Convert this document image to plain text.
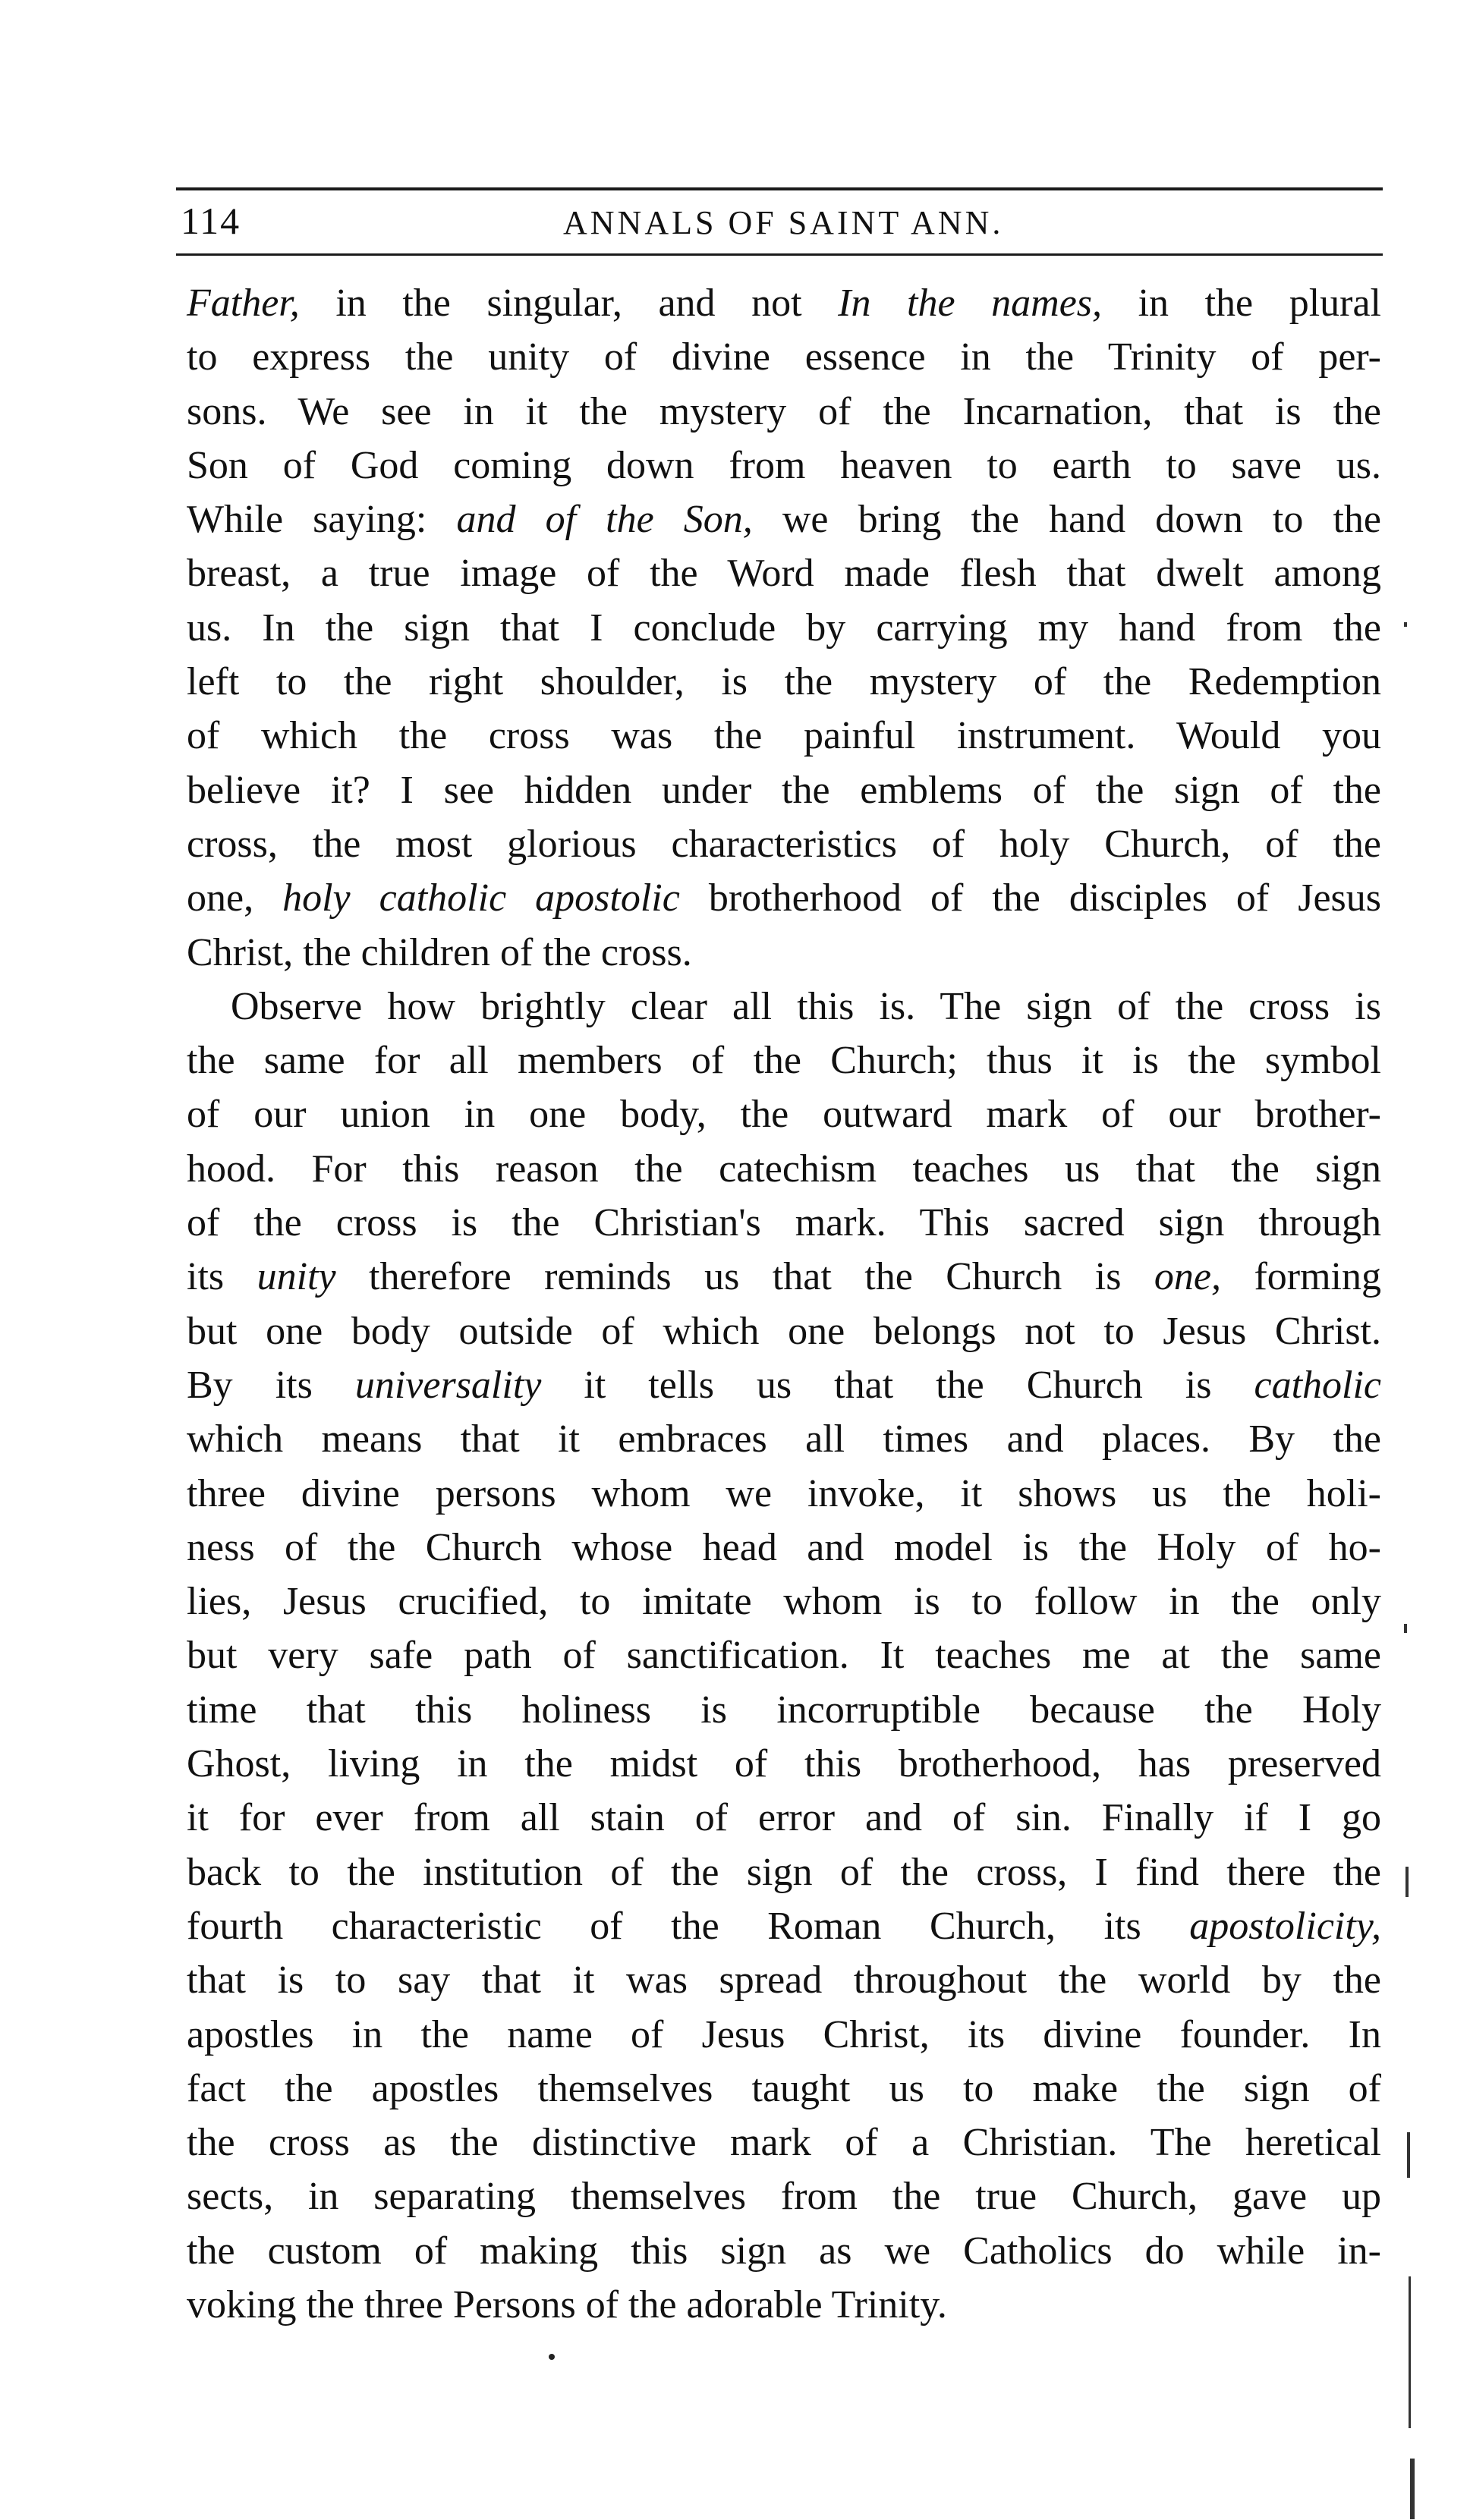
114	ANNALS OF SAINT ANN.
Father, in the singular, and not In the names, in the plural
to express the unity of divine essence in the Trinity of per-
sons. We see in it the mystery of the Incarnation, that is the
Son of God coming down from heaven to earth to save us.
While saying: and of the Son, we bring the hand down to the
breast, a true image of the Word made flesh that dwelt among
us. In the sign that I conclude by carrying my hand from the
left to the right shoulder, is the mystery of the Redemption
of which the cross was the painful instrument. Would you
believe it? I see hidden under the emblems of the sign of the
cross, the most glorious characteristics of holy Church, of the
one, holy catholic apostolic brotherhood of the disciples of Jesus
Christ, the children of the cross.
Observe how brightly clear all this is. The sign of the cross is
the same for all members of the Church; thus it is the symbol
of our union in one body, the outward mark of our brother-
hood. For this reason the catechism teaches us that the sign
of the cross is the Christian's mark. This sacred sign through
its unity therefore reminds us that the Church is one, forming
but one body outside of which one belongs not to Jesus Christ.
By its universality it tells us that the Church is catholic
which means that it embraces all times and places. By the
three divine persons whom we invoke, it shows us the holi-
ness of the Church whose head and model is the Holy of ho-
lies, Jesus crucified, to imitate whom is to follow in the only
but very safe path of sanctification. It teaches me at the same
time that this holiness is incorruptible because the Holy
Ghost, living in the midst of this brotherhood, has preserved
it for ever from all stain of error and of sin. Finally if I go
back to the institution of the sign of the cross, I find there the
fourth characteristic of the Roman Church, its apostolicity,
that is to say that it was spread throughout the world by the
apostles in the name of Jesus Christ, its divine founder. In
fact the apostles themselves taught us to make the sign of
the cross as the distinctive mark of a Christian. The heretical
sects, in separating themselves from the true Church, gave up
the custom of making this sign as we Catholics do while in-
voking the three Persons of the adorable Trinity.
